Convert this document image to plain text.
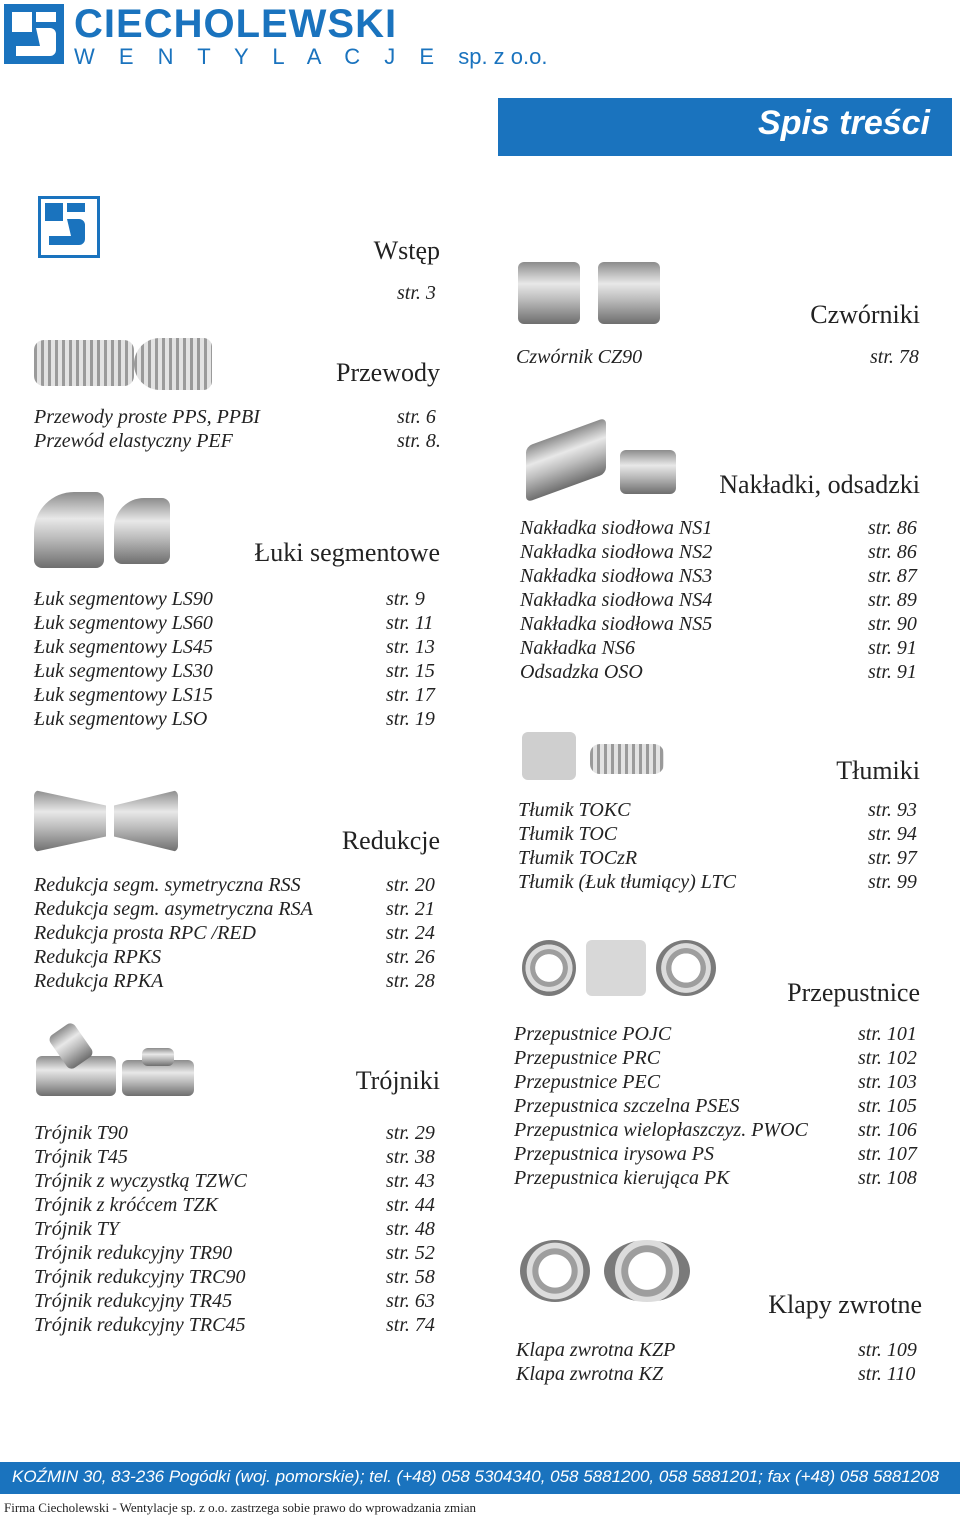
CIECHOLEWSKI
W E N T Y L A C J E sp. z o.o.
Spis treści
Wstęp
str. 3
Przewody
Przewody proste PPS, PPBI	str. 6
Przewód elastyczny PEF	str. 8.
Łuki segmentowe
Łuk segmentowy LS90	str. 9
Łuk segmentowy LS60	str. 11
Łuk segmentowy LS45	str. 13
Łuk segmentowy LS30	str. 15
Łuk segmentowy LS15	str. 17
Łuk segmentowy LSO	str. 19
Redukcje
Redukcja segm. symetryczna RSS	str. 20
Redukcja segm. asymetryczna RSA	str. 21
Redukcja prosta RPC /RED	str. 24
Redukcja RPKS	str. 26
Redukcja RPKA	str. 28
Trójniki
Trójnik T90	str. 29
Trójnik T45	str. 38
Trójnik z wyczystką TZWC	str. 43
Trójnik z króćcem TZK	str. 44
Trójnik TY	str. 48
Trójnik redukcyjny TR90	str. 52
Trójnik redukcyjny TRC90	str. 58
Trójnik redukcyjny TR45	str. 63
Trójnik redukcyjny TRC45	str. 74
Czwórniki
Czwórnik CZ90	str. 78
Nakładki, odsadzki
Nakładka siodłowa NS1	str. 86
Nakładka siodłowa NS2	str. 86
Nakładka siodłowa NS3	str. 87
Nakładka siodłowa NS4	str. 89
Nakładka siodłowa NS5	str. 90
Nakładka NS6	str. 91
Odsadzka OSO	str. 91
Tłumiki
Tłumik TOKC	str. 93
Tłumik TOC	str. 94
Tłumik TOCzR	str. 97
Tłumik (Łuk tłumiący) LTC	str. 99
Przepustnice
Przepustnice POJC	str. 101
Przepustnice PRC	str. 102
Przepustnice PEC	str. 103
Przepustnica szczelna PSES	str. 105
Przepustnica wielopłaszczyz. PWOC	str. 106
Przepustnica irysowa PS	str. 107
Przepustnica kierująca PK	str. 108
Klapy zwrotne
Klapa zwrotna KZP	str. 109
Klapa zwrotna KZ	str. 110
KOŹMIN 30, 83-236 Pogódki (woj. pomorskie); tel. (+48) 058 5304340, 058 5881200, 058 5881201; fax (+48) 058 5881208
Firma Ciecholewski - Wentylacje sp. z o.o. zastrzega sobie prawo do wprowadzania zmian
